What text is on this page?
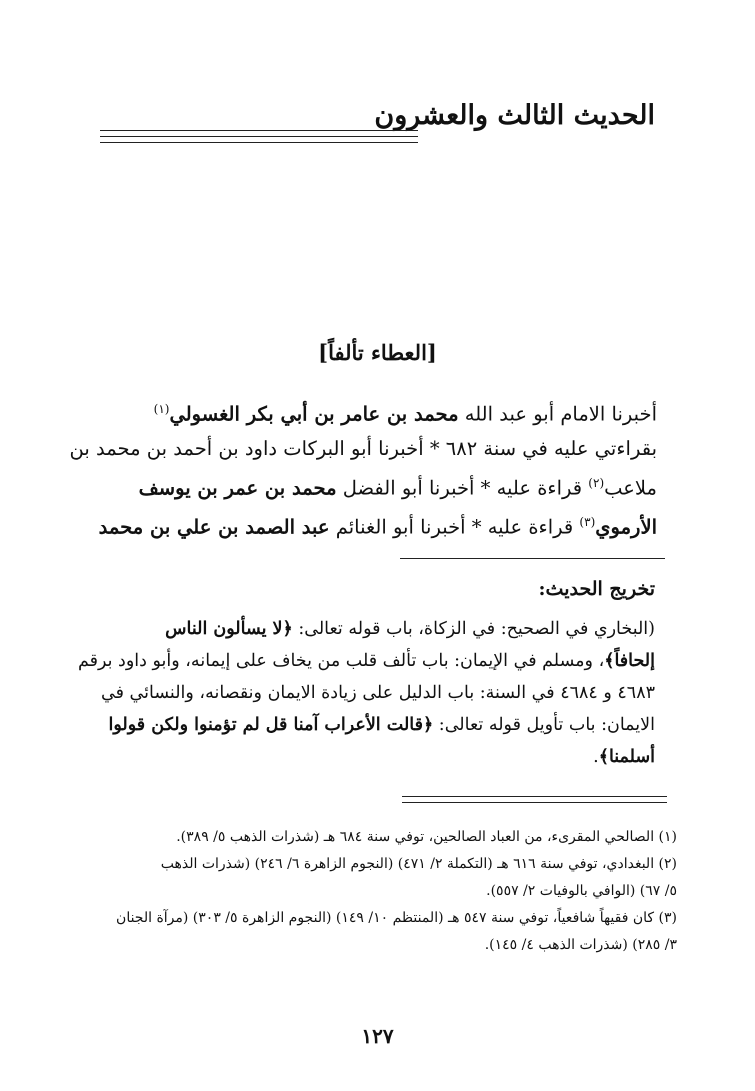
الحديث الثالث والعشرون
[العطاء تألفاً]
أخبرنا الامام أبو عبد الله محمد بن عامر بن أبي بكر الغسولي$^{(١)}$
بقراءتي عليه في سنة ٦٨٢ * أخبرنا أبو البركات داود بن أحمد بن محمد بن
ملاعب$^{(٢)}$ قراءة عليه * أخبرنا أبو الفضل محمد بن عمر بن يوسف
الأرموي$^{(٣)}$ قراءة عليه * أخبرنا أبو الغنائم عبد الصمد بن علي بن محمد
تخريج الحديث:
(البخاري في الصحيح: في الزكاة، باب قوله تعالى: ﴿لا يسألون الناس
إلحافاً﴾، ومسلم في الإيمان: باب تألف قلب من يخاف على إيمانه، وأبو داود برقم
٤٦٨٣ و ٤٦٨٤ في السنة: باب الدليل على زيادة الايمان ونقصانه، والنسائي في
الايمان: باب تأويل قوله تعالى: ﴿قالت الأعراب آمنا قل لم تؤمنوا ولكن قولوا
أسلمنا﴾.
(١) الصالحي المقرىء، من العباد الصالحين، توفي سنة ٦٨٤ هـ (شذرات الذهب ٥/ ٣٨٩).
(٢) البغدادي، توفي سنة ٦١٦ هـ (التكملة ٢/ ٤٧١) (النجوم الزاهرة ٦/ ٢٤٦) (شذرات الذهب
٥/ ٦٧) (الوافي بالوفيات ٢/ ٥٥٧).
(٣) كان فقيهاً شافعياً، توفي سنة ٥٤٧ هـ (المنتظم ١٠/ ١٤٩) (النجوم الزاهرة ٥/ ٣٠٣) (مرآة الجنان
٣/ ٢٨٥) (شذرات الذهب ٤/ ١٤٥).
١٢٧
